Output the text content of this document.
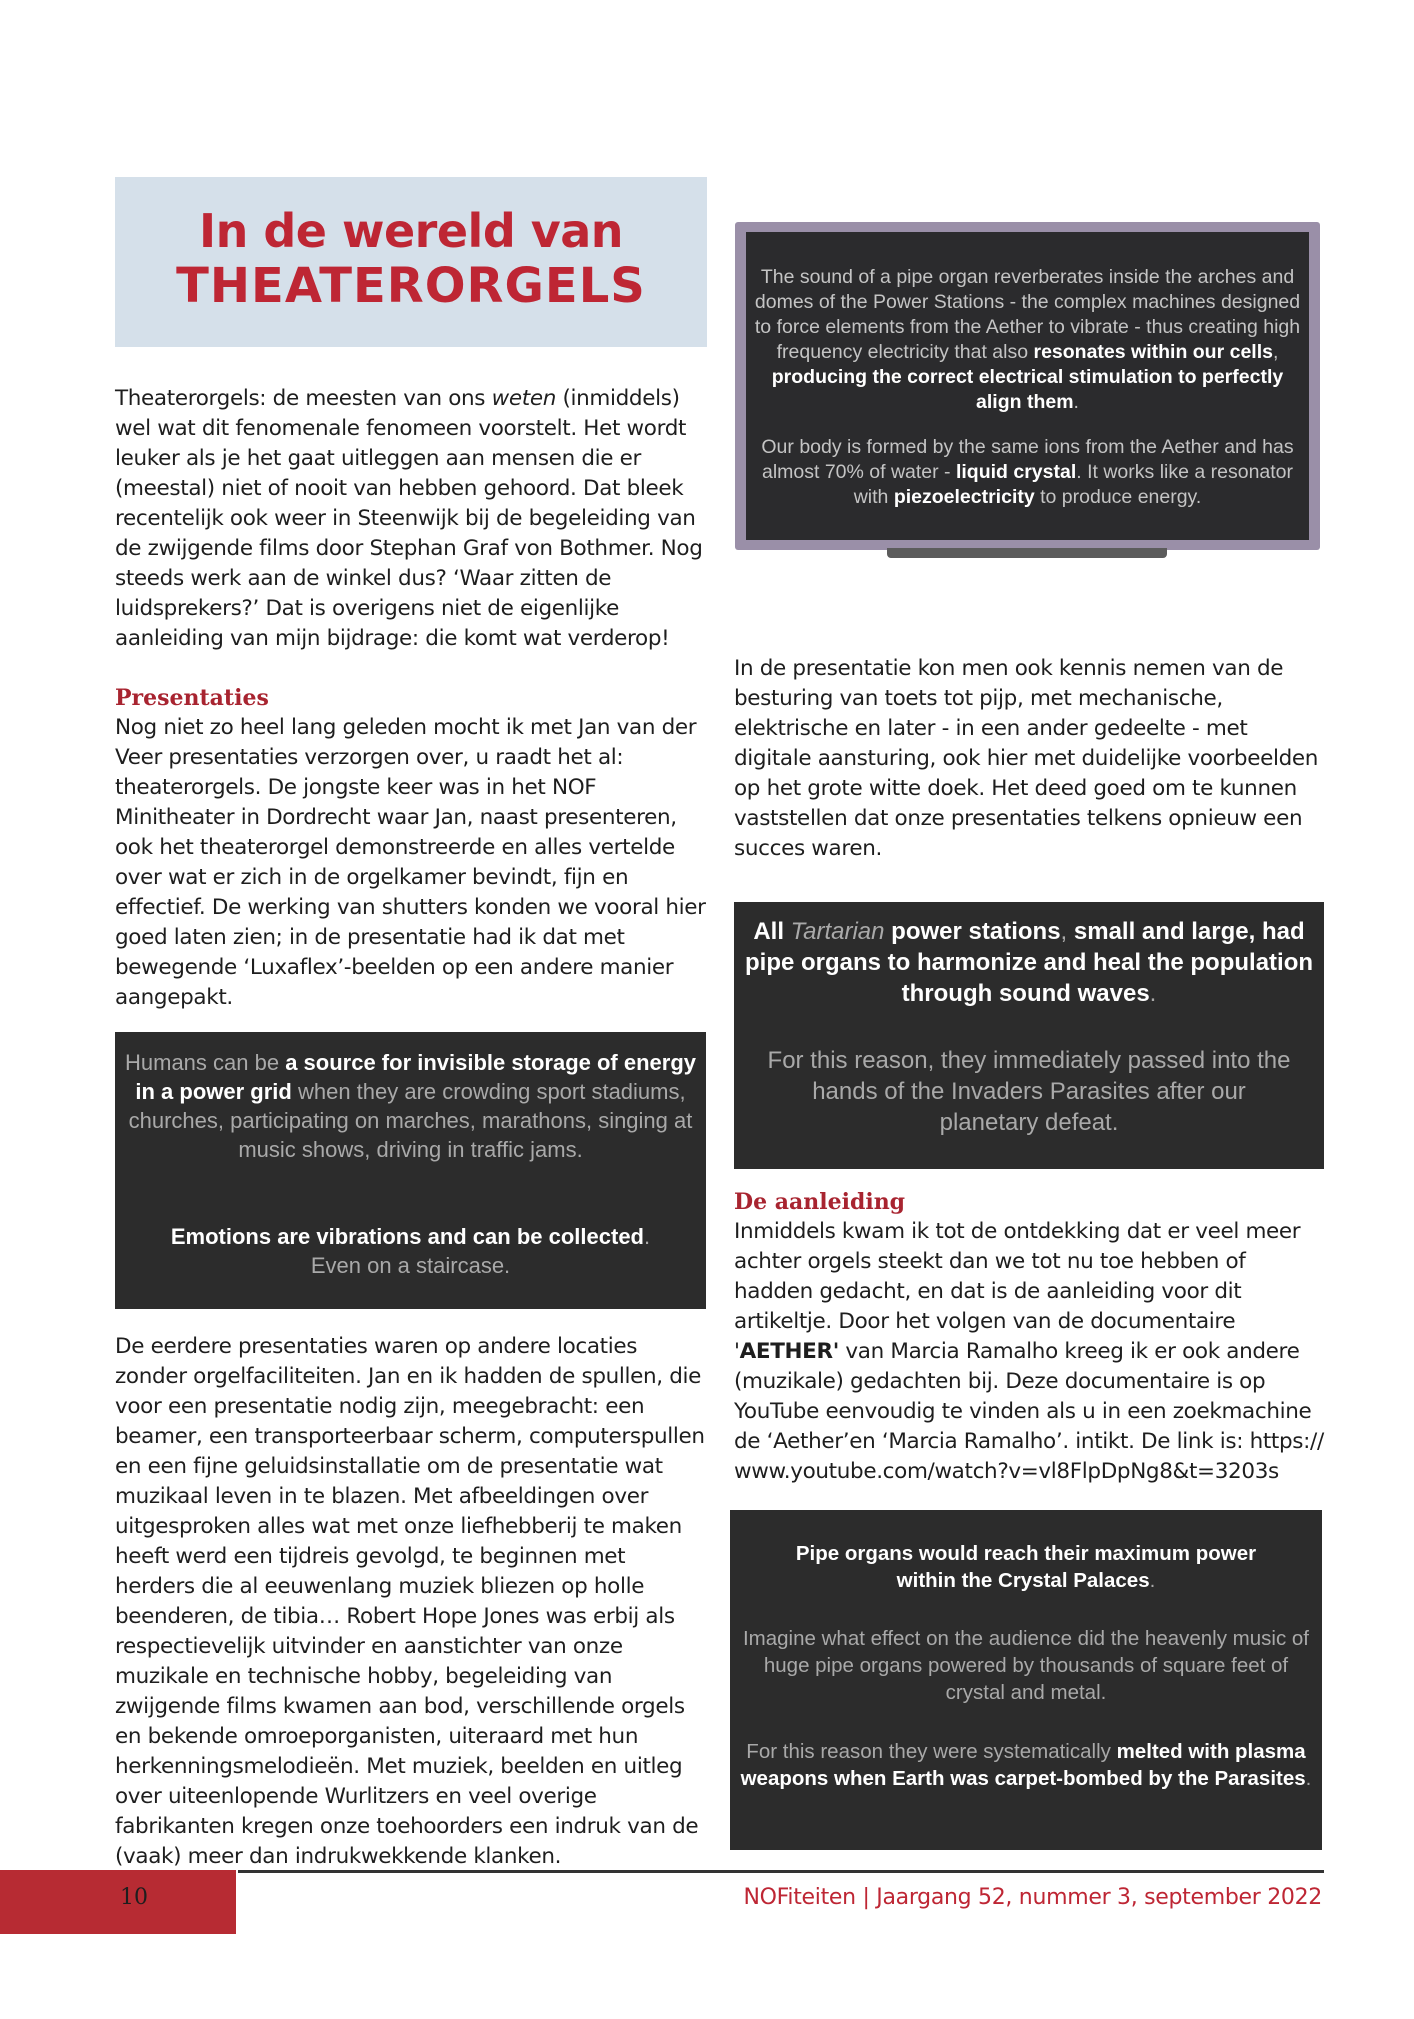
In de wereld van
THEATERORGELS

Theaterorgels: de meesten van ons weten (inmiddels) wel wat dit fenomenale fenomeen voorstelt. Het wordt leuker als je het gaat uitleggen aan mensen die er (meestal) niet of nooit van hebben gehoord. Dat bleek recentelijk ook weer in Steenwijk bij de begeleiding van de zwijgende films door Stephan Graf von Bothmer. Nog steeds werk aan de winkel dus? ‘Waar zitten de luidsprekers?’ Dat is overigens niet de eigenlijke aanleiding van mijn bijdrage: die komt wat verderop!

Presentaties

Nog niet zo heel lang geleden mocht ik met Jan van der Veer presentaties verzorgen over, u raadt het al: theaterorgels. De jongste keer was in het NOF Minitheater in Dordrecht waar Jan, naast presenteren, ook het theaterorgel demonstreerde en alles vertelde over wat er zich in de orgelkamer bevindt, fijn en effectief. De werking van shutters konden we vooral hier goed laten zien; in de presentatie had ik dat met bewegende ‘Luxaflex’-beelden op een andere manier aangepakt.

Humans can be a source for invisible storage of energy in a power grid when they are crowding sport stadiums, churches, participating on marches, marathons, singing at music shows, driving in traffic jams.
Emotions are vibrations and can be collected.
Even on a staircase.

De eerdere presentaties waren op andere locaties zonder orgelfaciliteiten. Jan en ik hadden de spullen, die voor een presentatie nodig zijn, meegebracht: een beamer, een transporteerbaar scherm, computerspullen en een fijne geluidsinstallatie om de presentatie wat muzikaal leven in te blazen. Met afbeeldingen over uitgesproken alles wat met onze liefhebberij te maken heeft werd een tijdreis gevolgd, te beginnen met herders die al eeuwenlang muziek bliezen op holle beenderen, de tibia… Robert Hope Jones was erbij als respectievelijk uitvinder en aanstichter van onze muzikale en technische hobby, begeleiding van zwijgende films kwamen aan bod, verschillende orgels en bekende omroeporganisten, uiteraard met hun herkenningsmelodieën. Met muziek, beelden en uitleg over uiteenlopende Wurlitzers en veel overige fabrikanten kregen onze toehoorders een indruk van de (vaak) meer dan indrukwekkende klanken.

The sound of a pipe organ reverberates inside the arches and domes of the Power Stations - the complex machines designed to force elements from the Aether to vibrate - thus creating high frequency electricity that also resonates within our cells, producing the correct electrical stimulation to perfectly align them.
Our body is formed by the same ions from the Aether and has almost 70% of water - liquid crystal. It works like a resonator with piezoelectricity to produce energy.

In de presentatie kon men ook kennis nemen van de besturing van toets tot pijp, met mechanische, elektrische en later - in een ander gedeelte - met digitale aansturing, ook hier met duidelijke voorbeelden op het grote witte doek. Het deed goed om te kunnen vaststellen dat onze presentaties telkens opnieuw een succes waren.

All Tartarian power stations, small and large, had pipe organs to harmonize and heal the population through sound waves.
For this reason, they immediately passed into the hands of the Invaders Parasites after our planetary defeat.
De aanleiding

Inmiddels kwam ik tot de ontdekking dat er veel meer achter orgels steekt dan we tot nu toe hebben of hadden gedacht, en dat is de aanleiding voor dit artikeltje. Door het volgen van de documentaire 'AETHER' van Marcia Ramalho kreeg ik er ook andere (muzikale) gedachten bij. Deze documentaire is op YouTube eenvoudig te vinden als u in een zoekmachine de ‘Aether’en ‘Marcia Ramalho’. intikt. De link is: https:// www.youtube.com/watch?v=vl8FlpDpNg8&t=3203s

Pipe organs would reach their maximum power within the Crystal Palaces.
Imagine what effect on the audience did the heavenly music of huge pipe organs powered by thousands of square feet of crystal and metal.
For this reason they were systematically melted with plasma weapons when Earth was carpet-bombed by the Parasites.
10	NOFiteiten | Jaargang 52, nummer 3, september 2022
